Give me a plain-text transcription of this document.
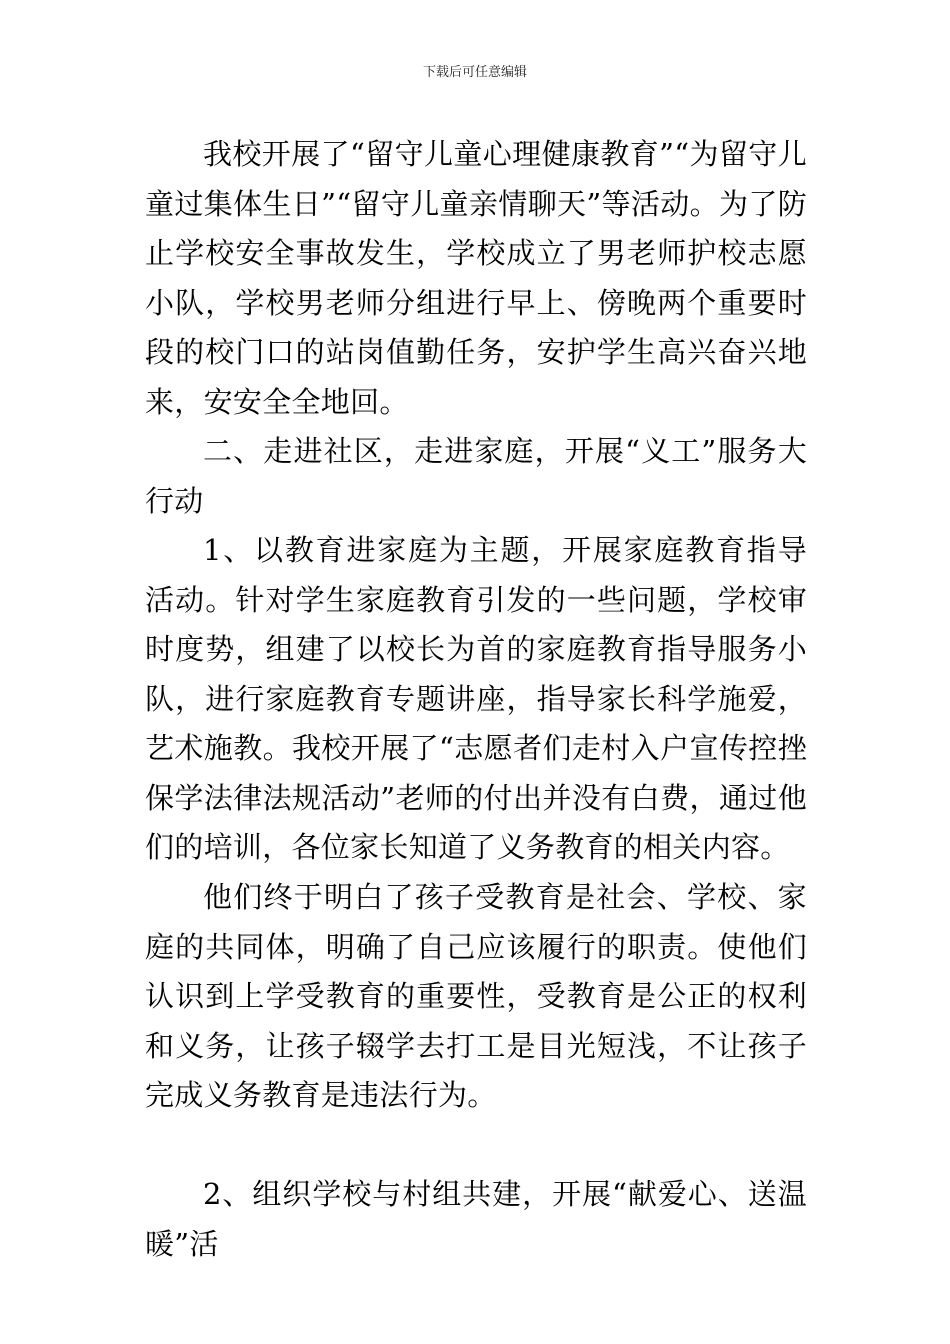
下载后可任意编辑

我校开展了“留守儿童心理健康教育”“为留守儿童过集体生日”“留守儿童亲情聊天”等活动。为了防止学校安全事故发生，学校成立了男老师护校志愿小队，学校男老师分组进行早上、傍晚两个重要时段的校门口的站岗值勤任务，安护学生高兴奋兴地来，安安全全地回。

二、走进社区，走进家庭，开展“义工”服务大行动

1、以教育进家庭为主题，开展家庭教育指导活动。针对学生家庭教育引发的一些问题，学校审时度势，组建了以校长为首的家庭教育指导服务小队，进行家庭教育专题讲座，指导家长科学施爱，艺术施教。我校开展了“志愿者们走村入户宣传控挫保学法律法规活动”老师的付出并没有白费，通过他们的培训，各位家长知道了义务教育的相关内容。

他们终于明白了孩子受教育是社会、学校、家庭的共同体，明确了自己应该履行的职责。使他们认识到上学受教育的重要性，受教育是公正的权利和义务，让孩子辍学去打工是目光短浅，不让孩子完成义务教育是违法行为。

2、组织学校与村组共建，开展“献爱心、送温暖”活
